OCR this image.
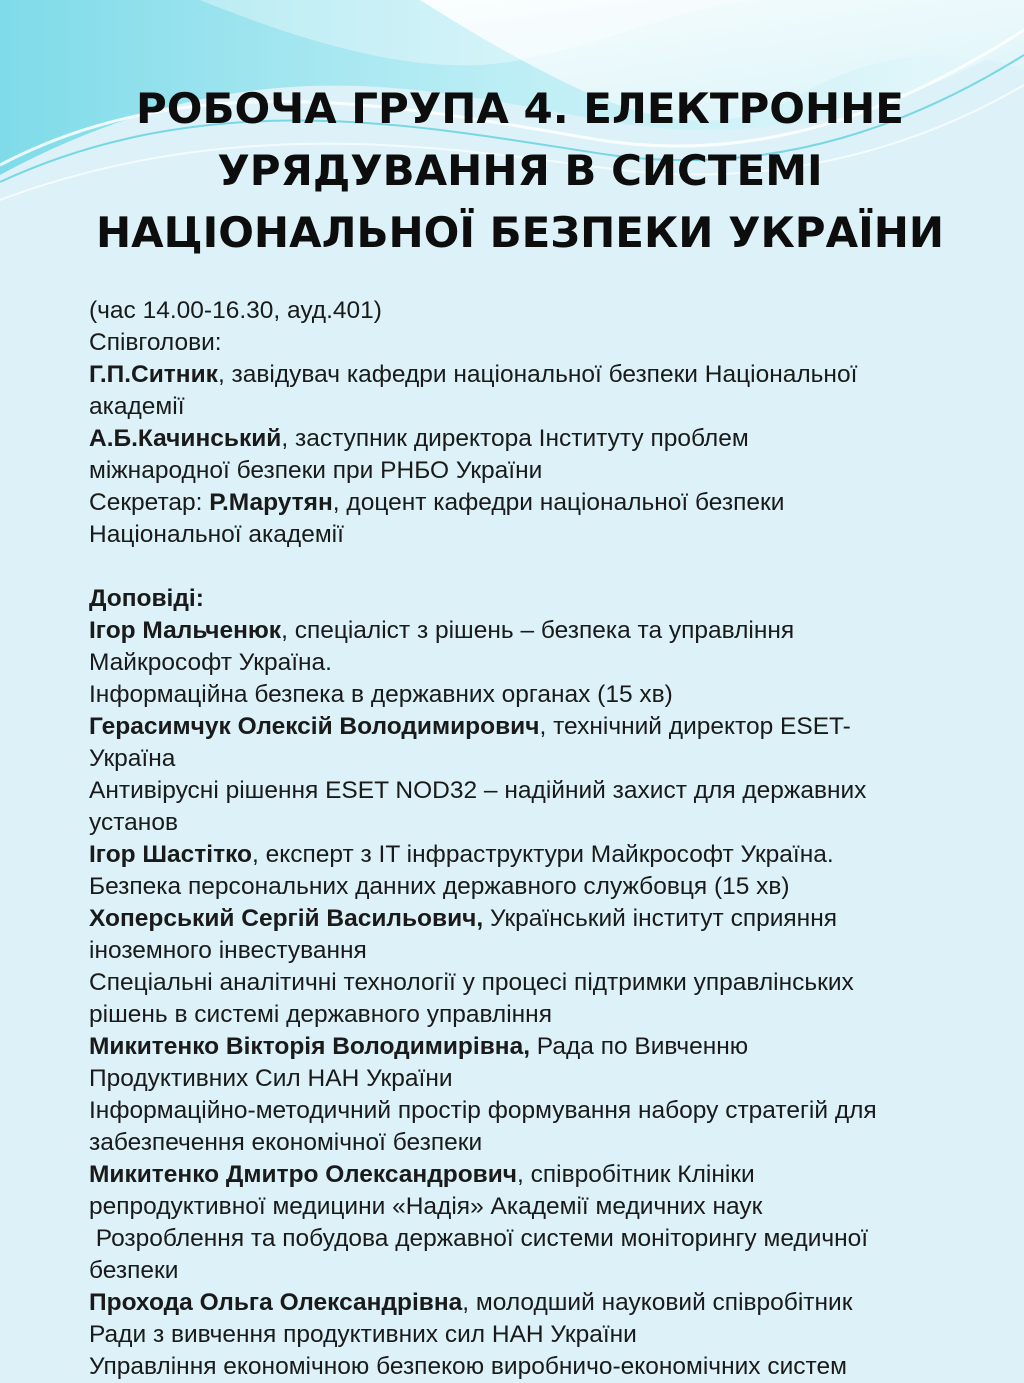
РОБОЧА ГРУПА 4. ЕЛЕКТРОННЕ
УРЯДУВАННЯ В СИСТЕМІ
НАЦІОНАЛЬНОЇ БЕЗПЕКИ УКРАЇНИ
(час 14.00-16.30, ауд.401)
Співголови:
Г.П.Ситник, завідувач кафедри національної безпеки Національної
академії
А.Б.Качинський, заступник директора Інституту проблем
міжнародної безпеки при РНБО України
Секретар: Р.Марутян, доцент кафедри національної безпеки
Національної академії
Доповіді:
Ігор Мальченюк, спеціаліст з рішень – безпека та управління
Майкрософт Україна.
Інформаційна безпека в державних органах (15 хв)
Герасимчук Олексій Володимирович, технічний директор ESET-
Україна
Антивірусні рішення ESET NOD32 – надійний захист для державних
установ
Ігор Шастітко, експерт з IT інфраструктури Майкрософт Україна.
Безпека персональних данних державного службовця (15 хв)
Хоперський Сергій Васильович, Український інститут сприяння
іноземного інвестування
Спеціальні аналітичні технології у процесі підтримки управлінських
рішень в системі державного управління
Микитенко Вікторія Володимирівна, Рада по Вивченню
Продуктивних Сил НАН України
Інформаційно-методичний простір формування набору стратегій для
забезпечення економічної безпеки
Микитенко Дмитро Олександрович, співробітник Клініки
репродуктивної медицини «Надія» Академії медичних наук
Розроблення та побудова державної системи моніторингу медичної
безпеки
Прохода Ольга Олександрівна, молодший науковий співробітник
Ради з вивчення продуктивних сил НАН України
Управління економічною безпекою виробничо-економічних систем
